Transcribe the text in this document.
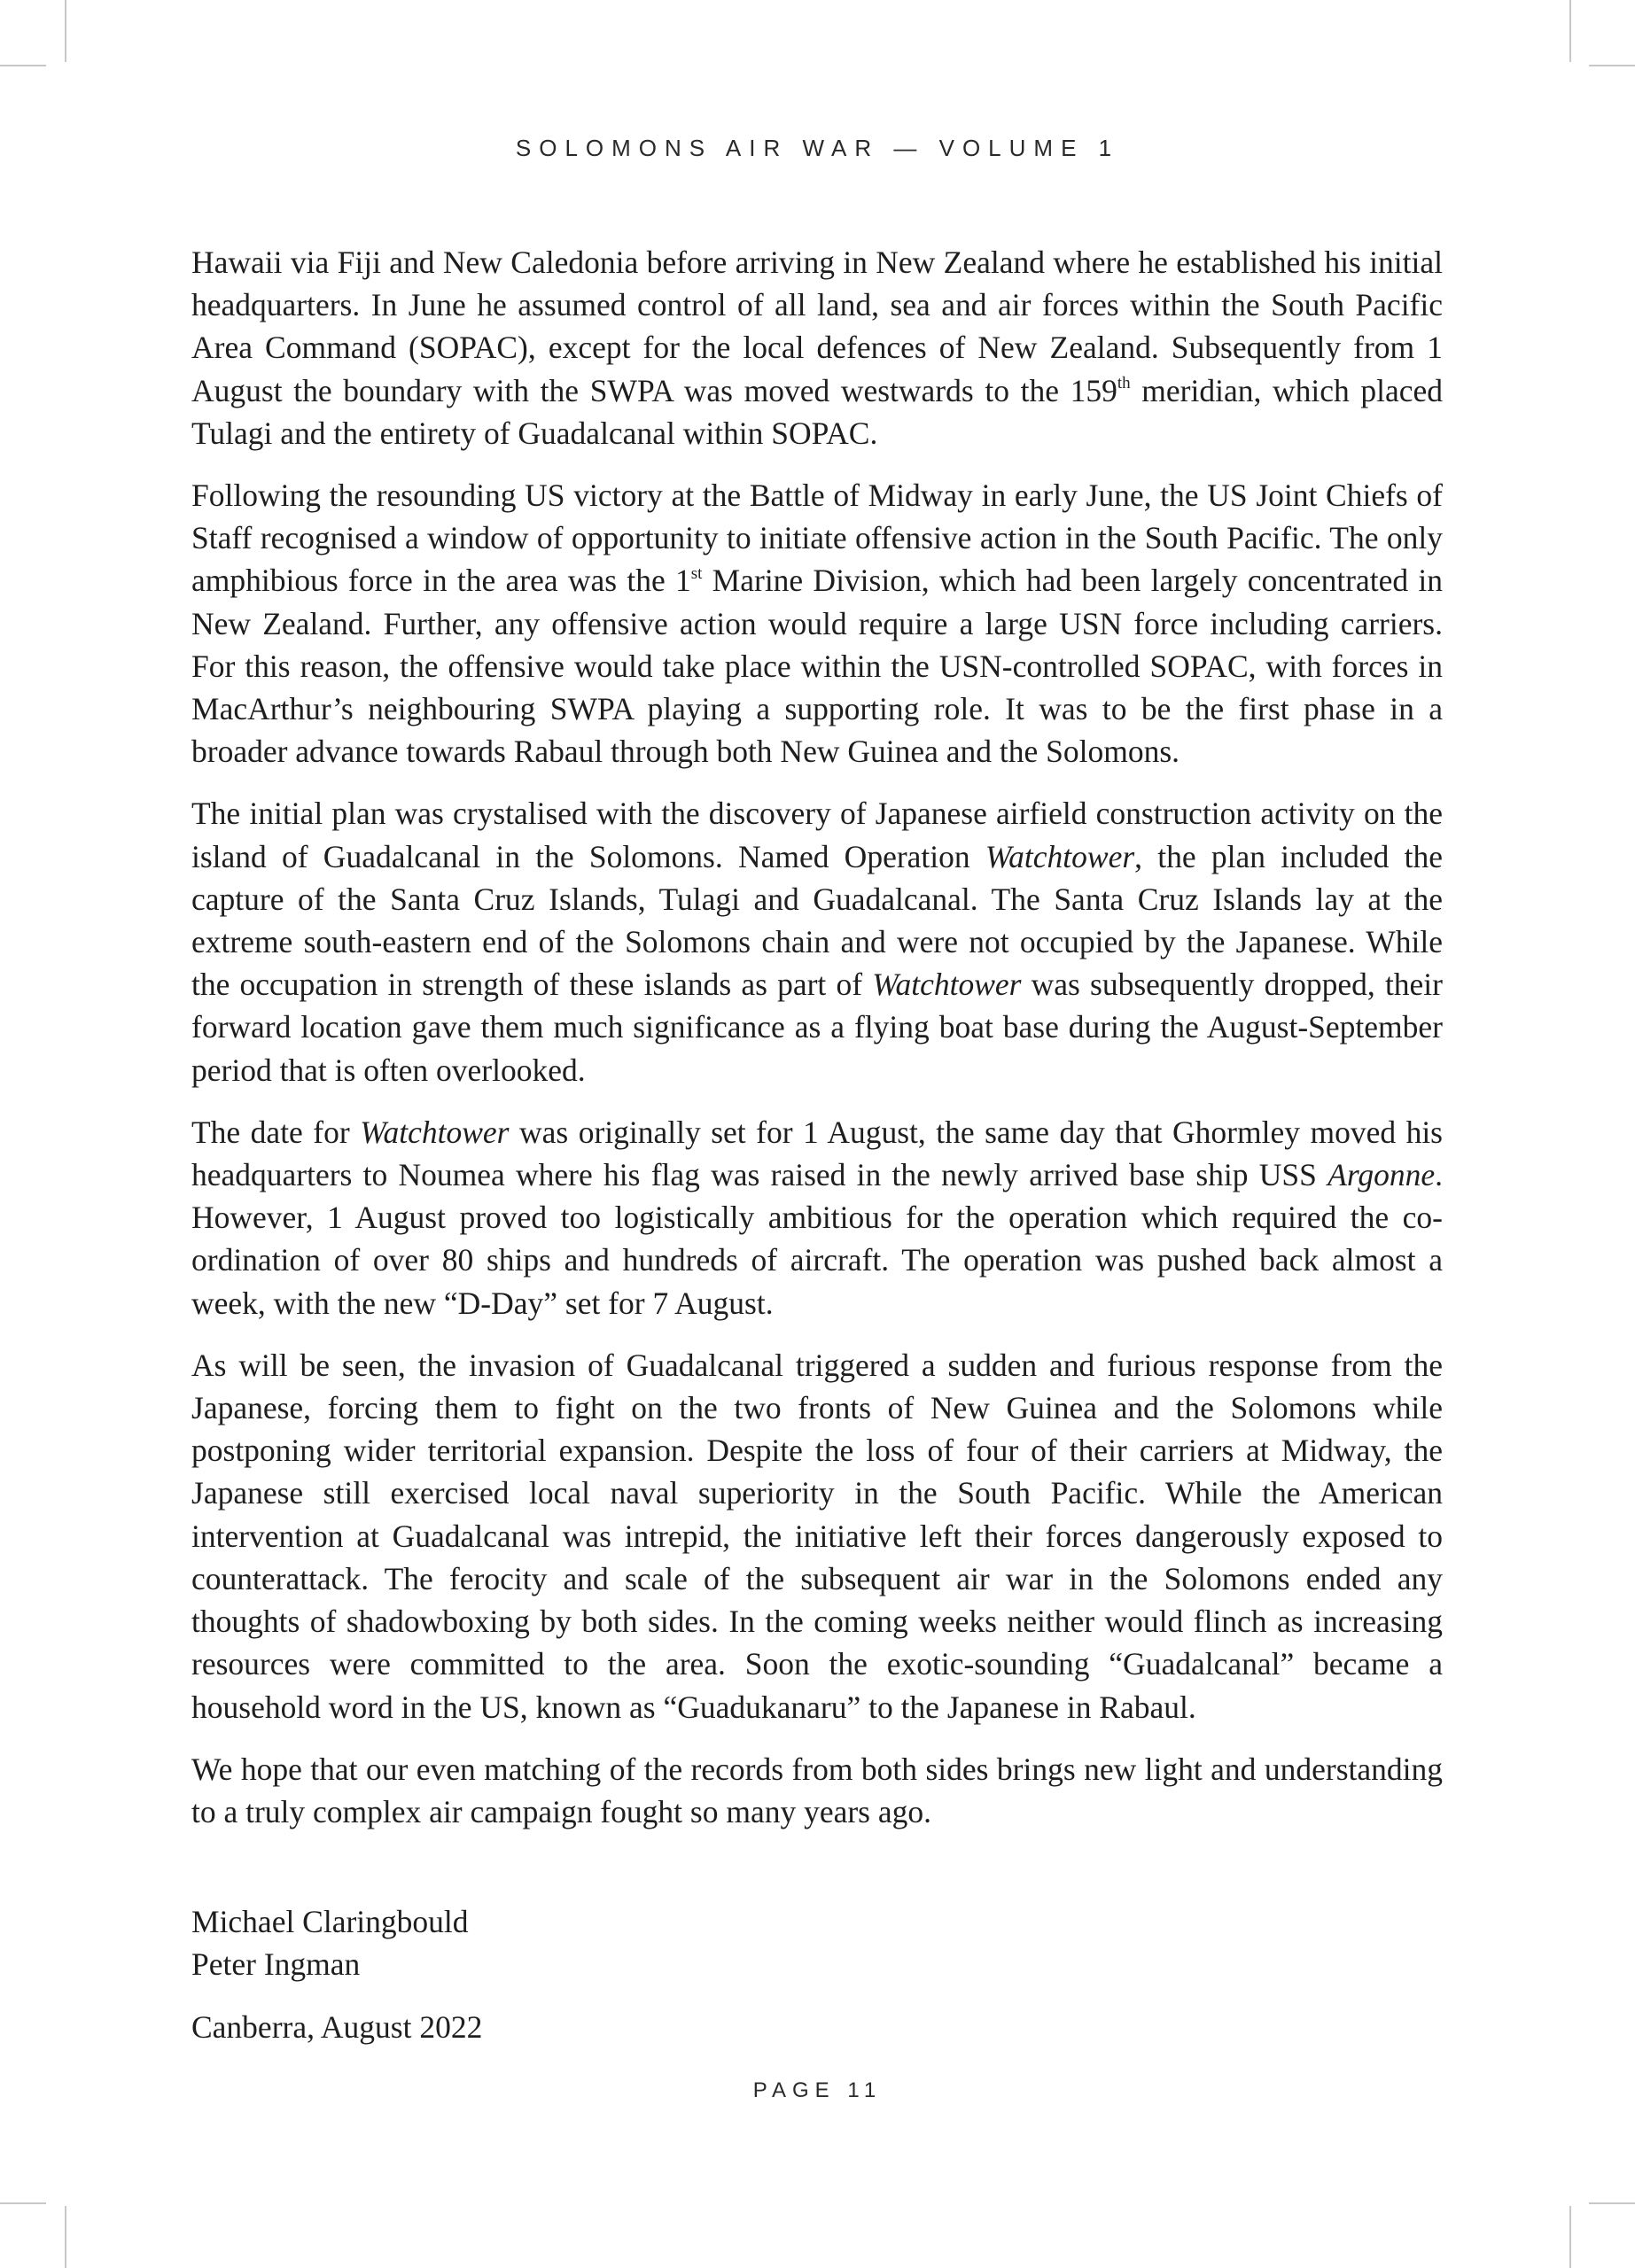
SOLOMONS AIR WAR — VOLUME 1

Hawaii via Fiji and New Caledonia before arriving in New Zealand where he established his initial headquarters. In June he assumed control of all land, sea and air forces within the South Pacific Area Command (SOPAC), except for the local defences of New Zealand. Subsequently from 1 August the boundary with the SWPA was moved westwards to the 159th meridian, which placed Tulagi and the entirety of Guadalcanal within SOPAC.

Following the resounding US victory at the Battle of Midway in early June, the US Joint Chiefs of Staff recognised a window of opportunity to initiate offensive action in the South Pacific. The only amphibious force in the area was the 1st Marine Division, which had been largely concentrated in New Zealand. Further, any offensive action would require a large USN force including carriers. For this reason, the offensive would take place within the USN-controlled SOPAC, with forces in MacArthur’s neighbouring SWPA playing a supporting role. It was to be the first phase in a broader advance towards Rabaul through both New Guinea and the Solomons.

The initial plan was crystalised with the discovery of Japanese airfield construction activity on the island of Guadalcanal in the Solomons. Named Operation Watchtower, the plan included the capture of the Santa Cruz Islands, Tulagi and Guadalcanal. The Santa Cruz Islands lay at the extreme south-eastern end of the Solomons chain and were not occupied by the Japanese. While the occupation in strength of these islands as part of Watchtower was subsequently dropped, their forward location gave them much significance as a flying boat base during the August-September period that is often overlooked.

The date for Watchtower was originally set for 1 August, the same day that Ghormley moved his headquarters to Noumea where his flag was raised in the newly arrived base ship USS Argonne. However, 1 August proved too logistically ambitious for the operation which required the co-ordination of over 80 ships and hundreds of aircraft. The operation was pushed back almost a week, with the new “D-Day” set for 7 August.

As will be seen, the invasion of Guadalcanal triggered a sudden and furious response from the Japanese, forcing them to fight on the two fronts of New Guinea and the Solomons while postponing wider territorial expansion. Despite the loss of four of their carriers at Midway, the Japanese still exercised local naval superiority in the South Pacific. While the American intervention at Guadalcanal was intrepid, the initiative left their forces dangerously exposed to counterattack. The ferocity and scale of the subsequent air war in the Solomons ended any thoughts of shadowboxing by both sides. In the coming weeks neither would flinch as increasing resources were committed to the area. Soon the exotic-sounding “Guadalcanal” became a household word in the US, known as “Guadukanaru” to the Japanese in Rabaul.

We hope that our even matching of the records from both sides brings new light and understanding to a truly complex air campaign fought so many years ago.

Michael Claringbould
Peter Ingman
Canberra, August 2022
PAGE 11
